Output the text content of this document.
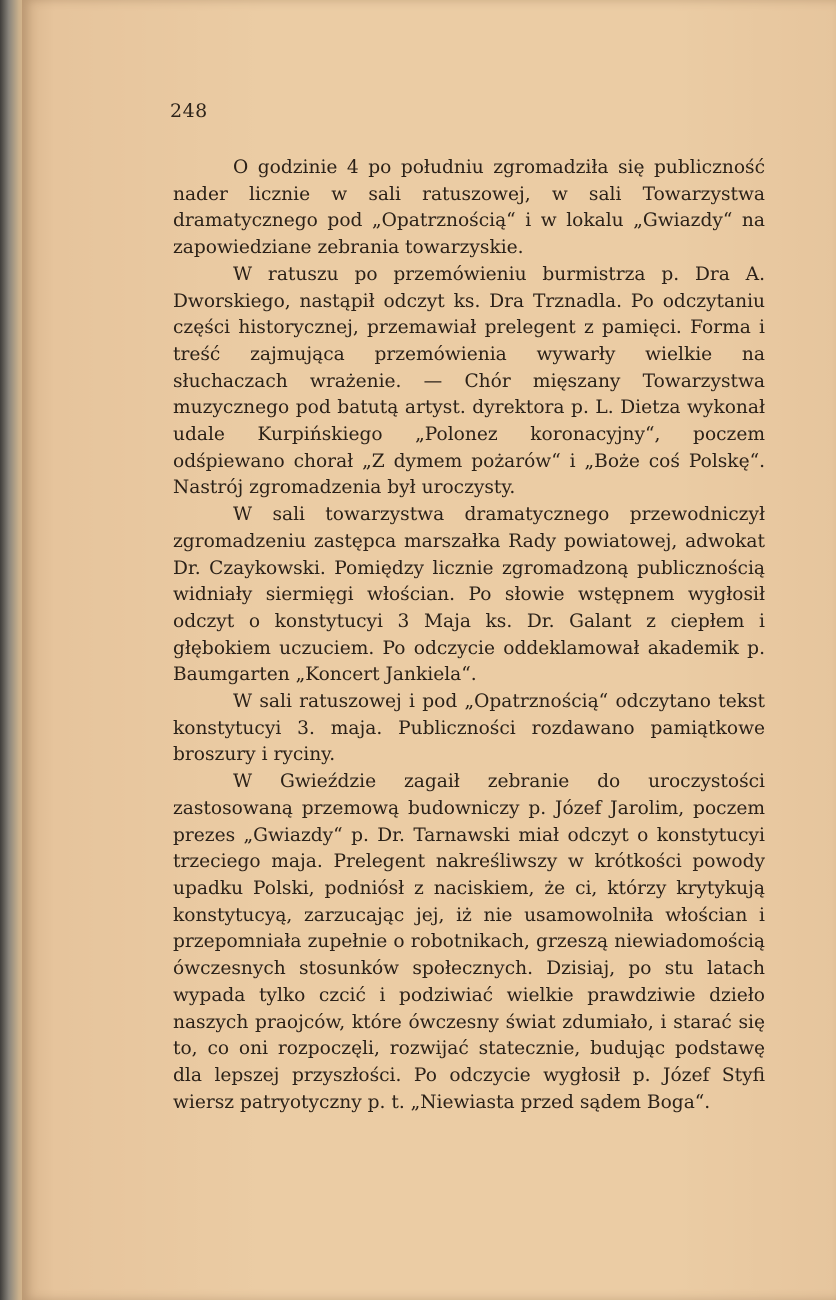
248

O godzinie 4 po południu zgromadziła się publiczność nader licznie w sali ratuszowej, w sali Towarzystwa dramatycznego pod „Opatrznością“ i w lokalu „Gwiazdy“ na zapowiedziane zebrania towarzyskie.

W ratuszu po przemówieniu burmistrza p. Dra A. Dworskiego, nastąpił odczyt ks. Dra Trznadla. Po odczytaniu części historycznej, przemawiał prelegent z pamięci. Forma i treść zajmująca przemówienia wywarły wielkie na słuchaczach wrażenie. — Chór mięszany Towarzystwa muzycznego pod batutą artyst. dyrektora p. L. Dietza wykonał udale Kurpińskiego „Polonez koronacyjny“, poczem odśpiewano chorał „Z dymem pożarów“ i „Boże coś Polskę“. Nastrój zgromadzenia był uroczysty.

W sali towarzystwa dramatycznego przewodniczył zgromadzeniu zastępca marszałka Rady powiatowej, adwokat Dr. Czaykowski. Pomiędzy licznie zgromadzoną publicznością widniały siermięgi włościan. Po słowie wstępnem wygłosił odczyt o konstytucyi 3 Maja ks. Dr. Galant z ciepłem i głębokiem uczuciem. Po odczycie oddeklamował akademik p. Baumgarten „Koncert Jankiela“.

W sali ratuszowej i pod „Opatrznością“ odczytano tekst konstytucyi 3. maja. Publiczności rozdawano pamiątkowe broszury i ryciny.

W Gwieździe zagaił zebranie do uroczystości zastosowaną przemową budowniczy p. Józef Jarolim, poczem prezes „Gwiazdy“ p. Dr. Tarnawski miał odczyt o konstytucyi trzeciego maja. Prelegent nakreśliwszy w krótkości powody upadku Polski, podniósł z naciskiem, że ci, którzy krytykują konstytucyą, zarzucając jej, iż nie usamowolniła włościan i przepomniała zupełnie o robotnikach, grzeszą niewiadomością ówczesnych stosunków społecznych. Dzisiaj, po stu latach wypada tylko czcić i podziwiać wielkie prawdziwie dzieło naszych praojców, które ówczesny świat zdumiało, i starać się to, co oni rozpoczęli, rozwijać statecznie, budując podstawę dla lepszej przyszłości. Po odczycie wygłosił p. Józef Styfi wiersz patryotyczny p. t. „Niewiasta przed sądem Boga“.
